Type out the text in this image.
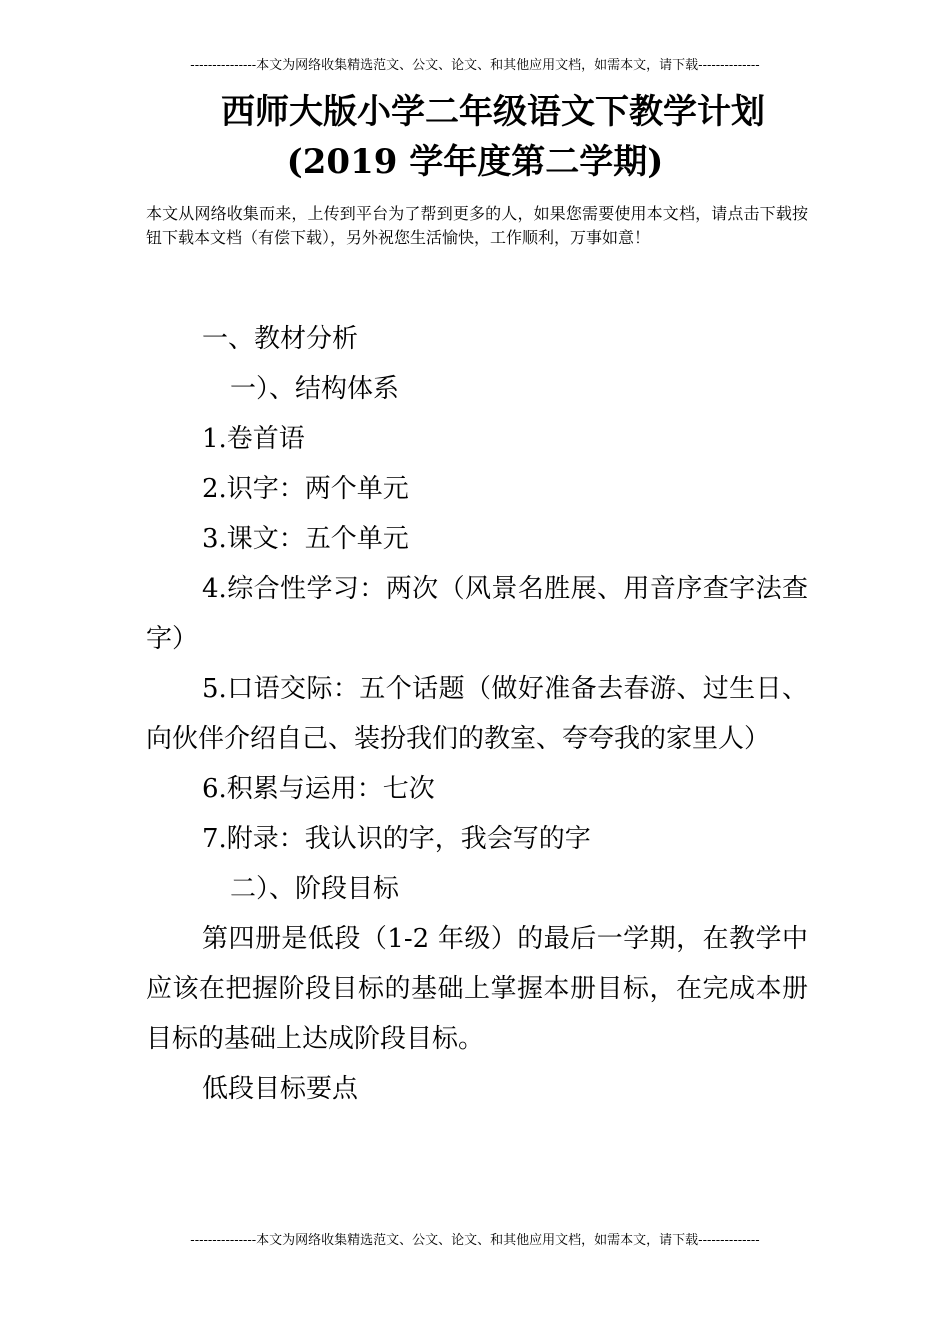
---------------本文为网络收集精选范文、公文、论文、和其他应用文档，如需本文，请下载--------------
西师大版小学二年级语文下教学计划
(2019 学年度第二学期)
本文从网络收集而来，上传到平台为了帮到更多的人，如果您需要使用本文档，请点击下载按钮下载本文档（有偿下载），另外祝您生活愉快，工作顺利，万事如意！

一、教材分析

一）、结构体系

1.卷首语

2.识字：两个单元

3.课文：五个单元

4.综合性学习：两次（风景名胜展、用音序查字法查字）

5.口语交际：五个话题（做好准备去春游、过生日、向伙伴介绍自己、装扮我们的教室、夸夸我的家里人）

6.积累与运用：七次

7.附录：我认识的字，我会写的字

二）、阶段目标

第四册是低段（1-2 年级）的最后一学期，在教学中应该在把握阶段目标的基础上掌握本册目标，在完成本册目标的基础上达成阶段目标。

低段目标要点

---------------本文为网络收集精选范文、公文、论文、和其他应用文档，如需本文，请下载--------------
